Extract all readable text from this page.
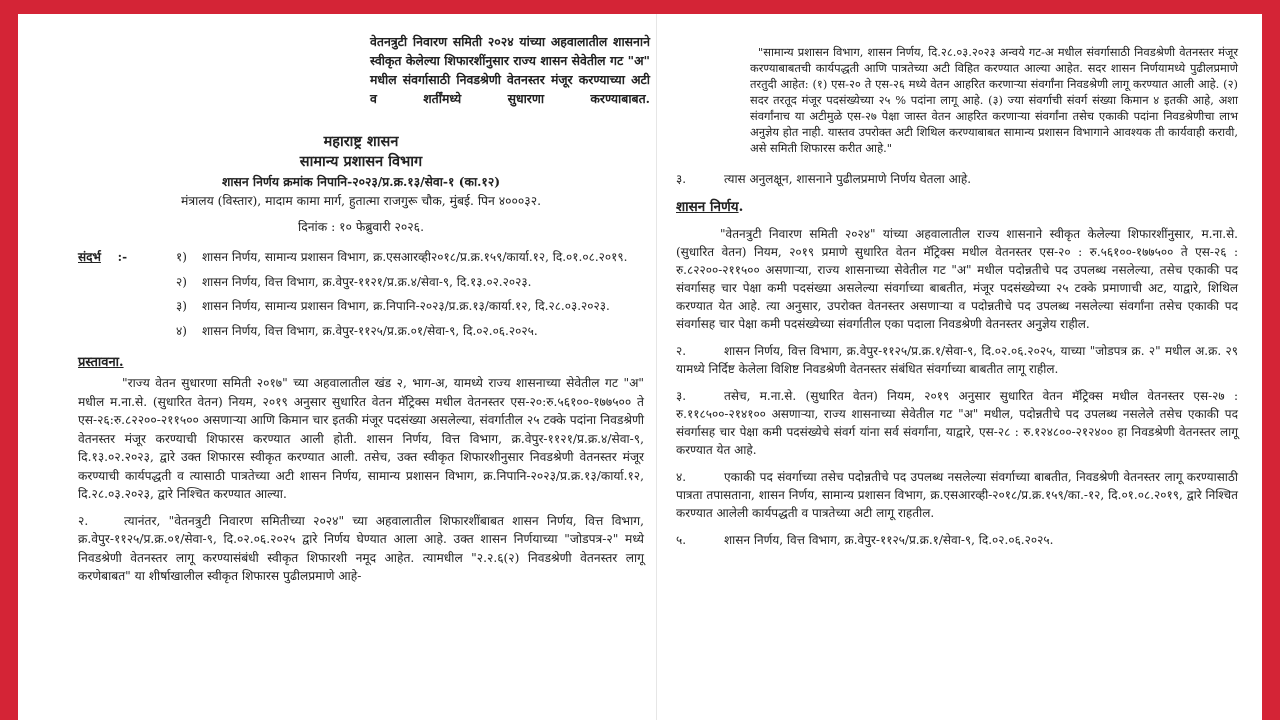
वेतनत्रुटी निवारण समिती २०२४ यांच्या अहवालातील शासनाने स्वीकृत केलेल्या शिफारशींनुसार राज्य शासन सेवेतील गट "अ" मधील संवर्गासाठी निवडश्रेणी वेतनस्तर मंजूर करण्याच्या अटी व शर्तींमध्ये सुधारणा करण्याबाबत.

महाराष्ट्र शासन

सामान्य प्रशासन विभाग

शासन निर्णय क्रमांक निपानि-२०२३/प्र.क्र.१३/सेवा-१ (का.१२)

मंत्रालय (विस्तार), मादाम कामा मार्ग, हुतात्मा राजगुरू चौक, मुंबई. पिन ४०००३२.

दिनांक : १० फेब्रुवारी २०२६.

संदर्भ :-	१)	शासन निर्णय, सामान्य प्रशासन विभाग, क्र.एसआरव्ही२०१८/प्र.क्र.१५९/कार्या.१२, दि.०१.०८.२०१९.
२)	शासन निर्णय, वित्त विभाग, क्र.वेपुर-११२१/प्र.क्र.४/सेवा-९, दि.१३.०२.२०२३.
३)	शासन निर्णय, सामान्य प्रशासन विभाग, क्र.निपानि-२०२३/प्र.क्र.१३/कार्या.१२, दि.२८.०३.२०२३.
४)	शासन निर्णय, वित्त विभाग, क्र.वेपुर-११२५/प्र.क्र.०१/सेवा-९, दि.०२.०६.२०२५.

प्रस्तावना.

"राज्य वेतन सुधारणा समिती २०१७" च्या अहवालातील खंड २, भाग-अ, यामध्ये राज्य शासनाच्या सेवेतील गट "अ" मधील म.ना.से. (सुधारित वेतन) नियम, २०१९ अनुसार सुधारित वेतन मॅट्रिक्स मधील वेतनस्तर एस-२०:रु.५६१००-१७७५०० ते एस-२६:रु.८२२००-२११५०० असणाऱ्या आणि किमान चार इतकी मंजूर पदसंख्या असलेल्या, संवर्गातील २५ टक्के पदांना निवडश्रेणी वेतनस्तर मंजूर करण्याची शिफारस करण्यात आली होती. शासन निर्णय, वित्त विभाग, क्र.वेपुर-११२१/प्र.क्र.४/सेवा-९, दि.१३.०२.२०२३, द्वारे उक्त शिफारस स्वीकृत करण्यात आली. तसेच, उक्त स्वीकृत शिफारशीनुसार निवडश्रेणी वेतनस्तर मंजूर करण्याची कार्यपद्धती व त्यासाठी पात्रतेच्या अटी शासन निर्णय, सामान्य प्रशासन विभाग, क्र.निपानि-२०२३/प्र.क्र.१३/कार्या.१२, दि.२८.०३.२०२३, द्वारे निश्चित करण्यात आल्या.

२.	त्यानंतर, "वेतनत्रुटी निवारण समितीच्या २०२४" च्या अहवालातील शिफारशींबाबत शासन निर्णय, वित्त विभाग, क्र.वेपुर-११२५/प्र.क्र.०१/सेवा-९, दि.०२.०६.२०२५ द्वारे निर्णय घेण्यात आला आहे. उक्त शासन निर्णयाच्या "जोडपत्र-२" मध्ये निवडश्रेणी वेतनस्तर लागू करण्यासंबंधी स्वीकृत शिफारशी नमूद आहेत. त्यामधील "२.२.६(२) निवडश्रेणी वेतनस्तर लागू करणेबाबत" या शीर्षाखालील स्वीकृत शिफारस पुढीलप्रमाणे आहे-

"सामान्य प्रशासन विभाग, शासन निर्णय, दि.२८.०३.२०२३ अन्वये गट-अ मधील संवर्गासाठी निवडश्रेणी वेतनस्तर मंजूर करण्याबाबतची कार्यपद्धती आणि पात्रतेच्या अटी विहित करण्यात आल्या आहेत. सदर शासन निर्णयामध्ये पुढीलप्रमाणे तरतुदी आहेत: (१) एस-२० ते एस-२६ मध्ये वेतन आहरित करणाऱ्या संवर्गांना निवडश्रेणी लागू करण्यात आली आहे. (२) सदर तरतूद मंजूर पदसंख्येच्या २५ % पदांना लागू आहे. (३) ज्या संवर्गाची संवर्ग संख्या किमान ४ इतकी आहे, अशा संवर्गांनाच या अटीमुळे एस-२७ पेक्षा जास्त वेतन आहरित करणाऱ्या संवर्गांना तसेच एकाकी पदांना निवडश्रेणीचा लाभ अनुज्ञेय होत नाही. यास्तव उपरोक्त अटी शिथिल करण्याबाबत सामान्य प्रशासन विभागाने आवश्यक ती कार्यवाही करावी, असे समिती शिफारस करीत आहे."

३.	त्यास अनुलक्षून, शासनाने पुढीलप्रमाणे निर्णय घेतला आहे.

शासन निर्णय.

"वेतनत्रुटी निवारण समिती २०२४" यांच्या अहवालातील राज्य शासनाने स्वीकृत केलेल्या शिफारशींनुसार, म.ना.से. (सुधारित वेतन) नियम, २०१९ प्रमाणे सुधारित वेतन मॅट्रिक्स मधील वेतनस्तर एस-२० : रु.५६१००-१७७५०० ते एस-२६ : रु.८२२००-२११५०० असणाऱ्या, राज्य शासनाच्या सेवेतील गट "अ" मधील पदोन्नतीचे पद उपलब्ध नसलेल्या, तसेच एकाकी पद संवर्गासह चार पेक्षा कमी पदसंख्या असलेल्या संवर्गाच्या बाबतीत, मंजूर पदसंख्येच्या २५ टक्के प्रमाणाची अट, याद्वारे, शिथिल करण्यात येत आहे. त्या अनुसार, उपरोक्त वेतनस्तर असणाऱ्या व पदोन्नतीचे पद उपलब्ध नसलेल्या संवर्गांना तसेच एकाकी पद संवर्गासह चार पेक्षा कमी पदसंख्येच्या संवर्गातील एका पदाला निवडश्रेणी वेतनस्तर अनुज्ञेय राहील.

२.	शासन निर्णय, वित्त विभाग, क्र.वेपुर-११२५/प्र.क्र.१/सेवा-९, दि.०२.०६.२०२५, याच्या "जोडपत्र क्र. २" मधील अ.क्र. २९ यामध्ये निर्दिष्ट केलेला विशिष्ट निवडश्रेणी वेतनस्तर संबंधित संवर्गाच्या बाबतीत लागू राहील.

३.	तसेच, म.ना.से. (सुधारित वेतन) नियम, २०१९ अनुसार सुधारित वेतन मॅट्रिक्स मधील वेतनस्तर एस-२७ : रु.११८५००-२१४१०० असणाऱ्या, राज्य शासनाच्या सेवेतील गट "अ" मधील, पदोन्नतीचे पद उपलब्ध नसलेले तसेच एकाकी पद संवर्गासह चार पेक्षा कमी पदसंख्येचे संवर्ग यांना सर्व संवर्गांना, याद्वारे, एस-२८ : रु.१२४८००-२१२४०० हा निवडश्रेणी वेतनस्तर लागू करण्यात येत आहे.

४.	एकाकी पद संवर्गाच्या तसेच पदोन्नतीचे पद उपलब्ध नसलेल्या संवर्गाच्या बाबतीत, निवडश्रेणी वेतनस्तर लागू करण्यासाठी पात्रता तपासताना, शासन निर्णय, सामान्य प्रशासन विभाग, क्र.एसआरव्ही-२०१८/प्र.क्र.१५९/का.-१२, दि.०१.०८.२०१९, द्वारे निश्चित करण्यात आलेली कार्यपद्धती व पात्रतेच्या अटी लागू राहतील.

५.	शासन निर्णय, वित्त विभाग, क्र.वेपुर-११२५/प्र.क्र.१/सेवा-९, दि.०२.०६.२०२५.
